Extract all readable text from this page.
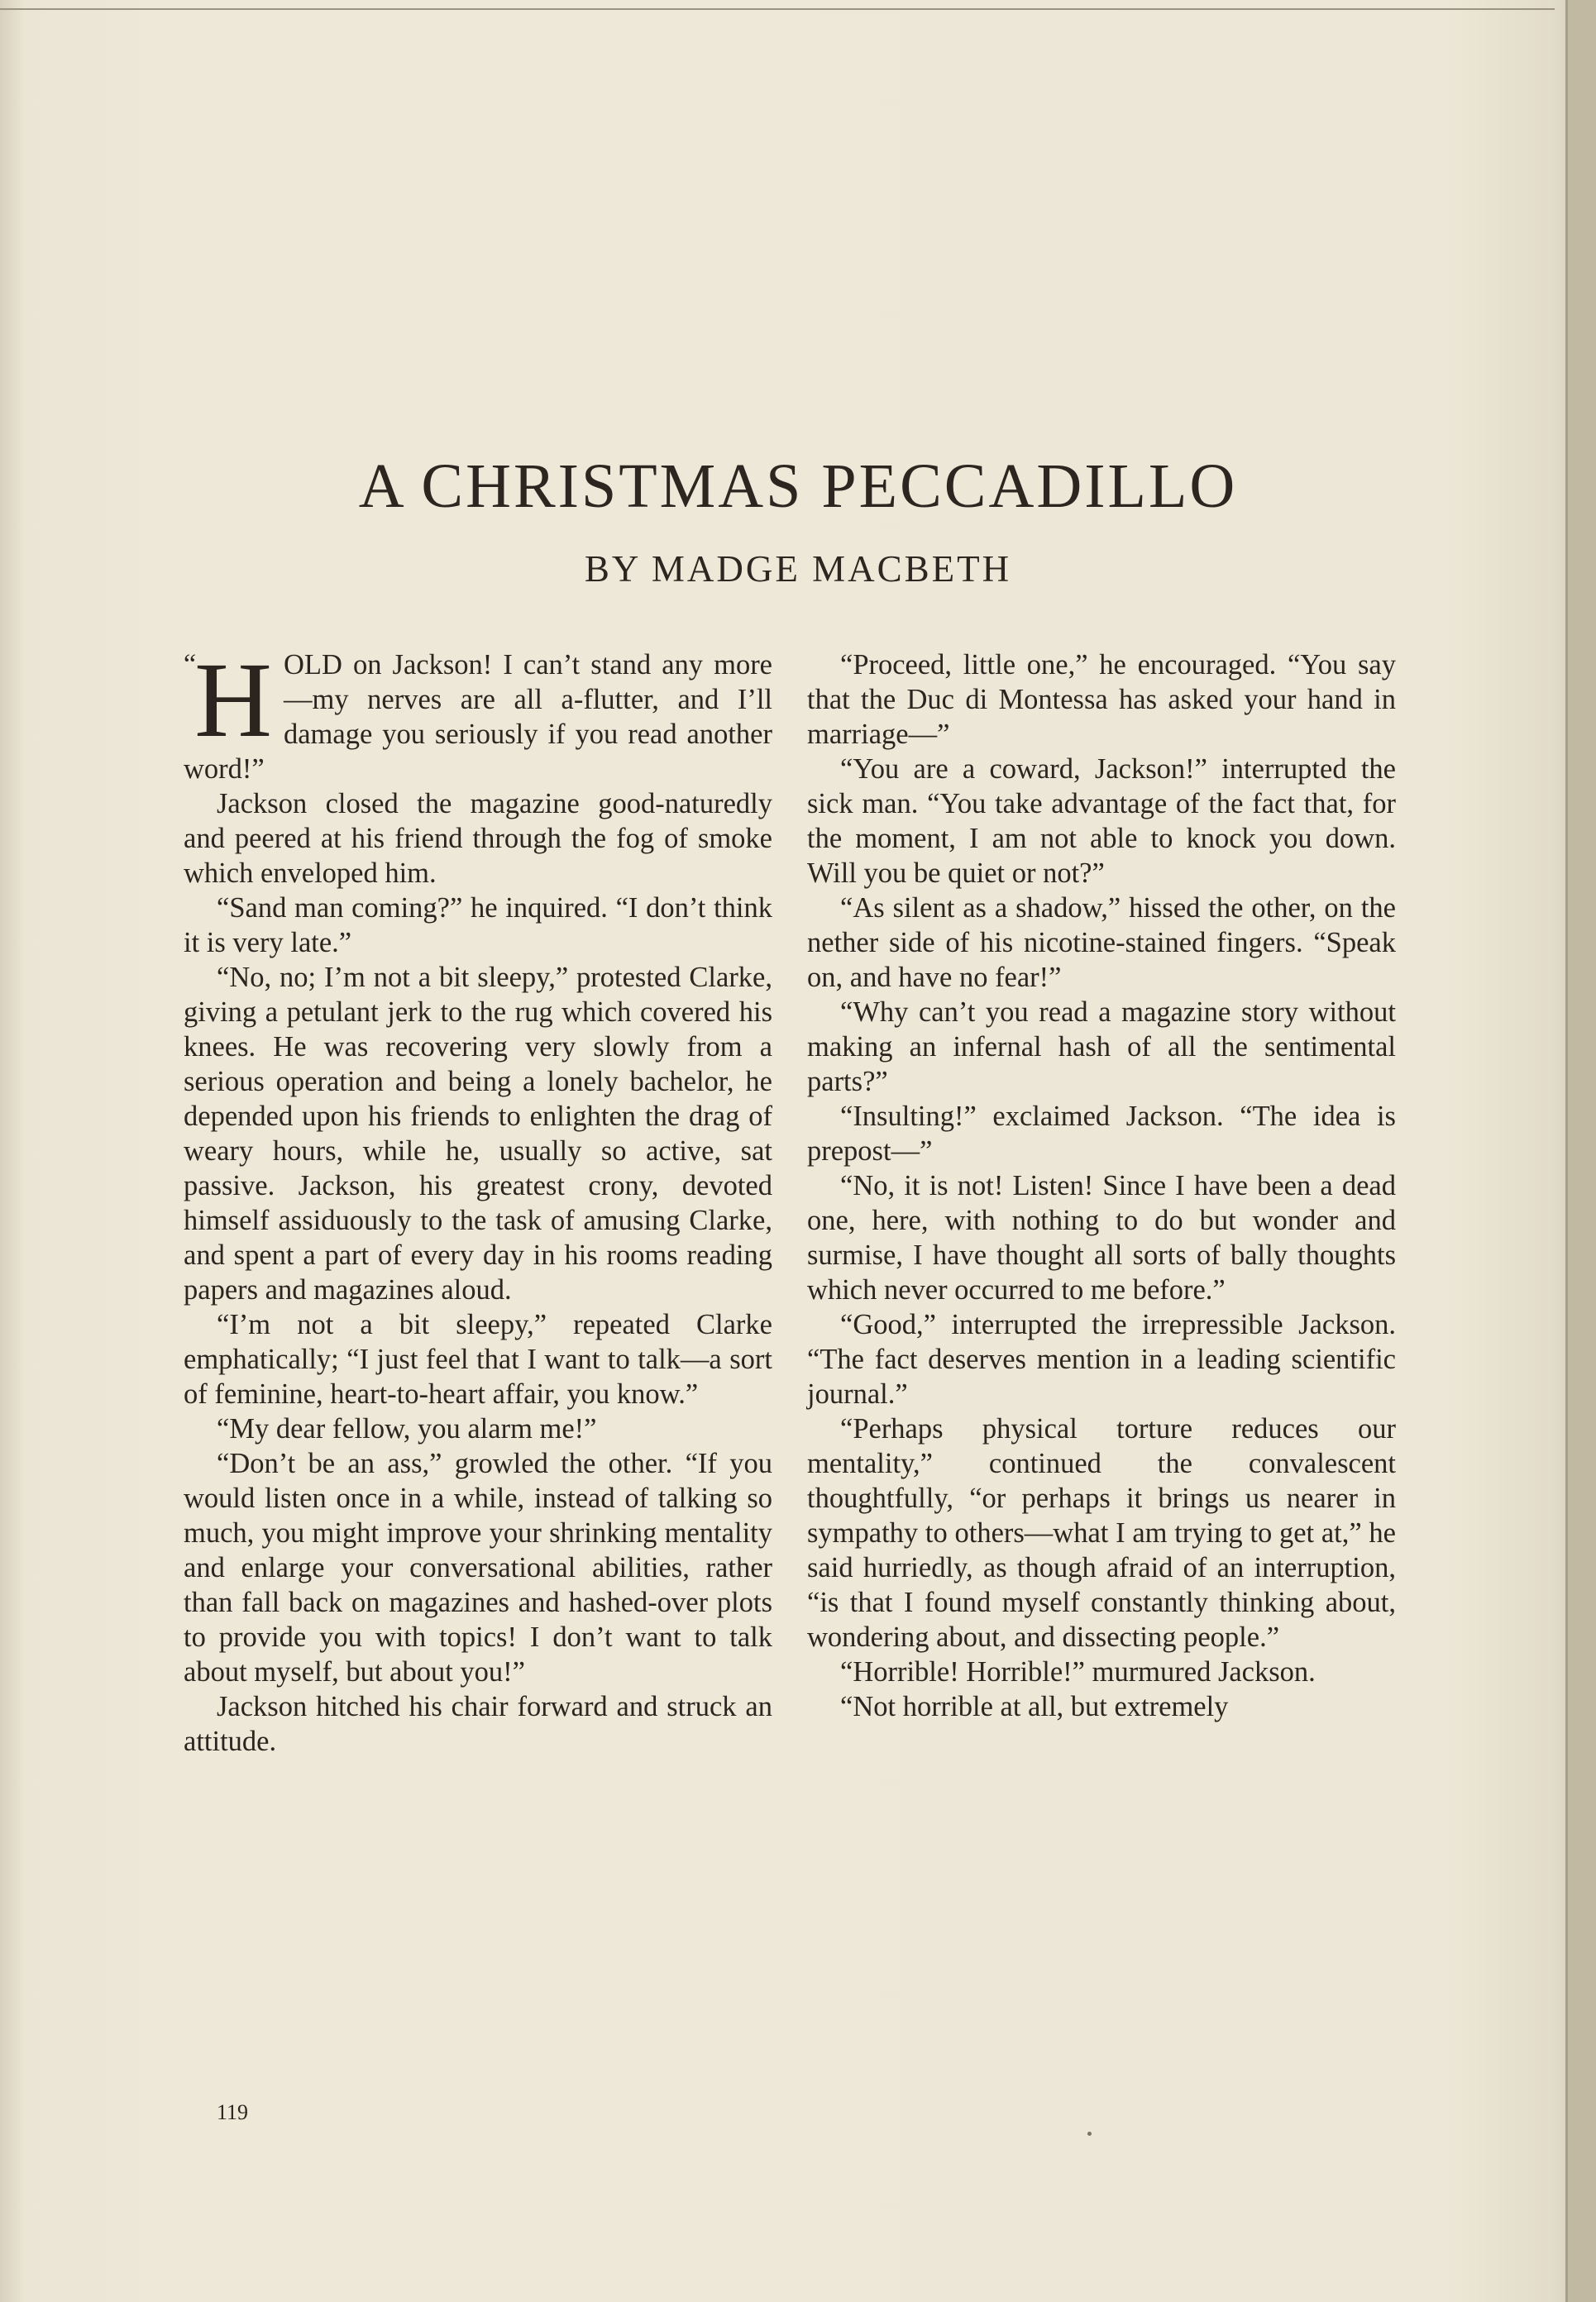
A CHRISTMAS PECCADILLO
BY MADGE MACBETH

“
H OLD on Jackson! I can’t stand any more—my nerves are all a-flutter, and I’ll damage you seriously if you read another word!”

Jackson closed the magazine good-naturedly and peered at his friend through the fog of smoke which enveloped him.

“Sand man coming?” he inquired. “I don’t think it is very late.”

“No, no; I’m not a bit sleepy,” protested Clarke, giving a petulant jerk to the rug which covered his knees. He was recovering very slowly from a serious operation and being a lonely bachelor, he depended upon his friends to enlighten the drag of weary hours, while he, usually so active, sat passive. Jackson, his greatest crony, devoted himself assiduously to the task of amusing Clarke, and spent a part of every day in his rooms reading papers and magazines aloud.

“I’m not a bit sleepy,” repeated Clarke emphatically; “I just feel that I want to talk—a sort of feminine, heart-to-heart affair, you know.”

“My dear fellow, you alarm me!”

“Don’t be an ass,” growled the other. “If you would listen once in a while, instead of talking so much, you might improve your shrinking mentality and enlarge your conversational abilities, rather than fall back on magazines and hashed-over plots to provide you with topics! I don’t want to talk about myself, but about you!”

Jackson hitched his chair forward and struck an attitude.

“Proceed, little one,” he encouraged. “You say that the Duc di Montessa has asked your hand in marriage—”

“You are a coward, Jackson!” interrupted the sick man. “You take advantage of the fact that, for the moment, I am not able to knock you down. Will you be quiet or not?”

“As silent as a shadow,” hissed the other, on the nether side of his nicotine-stained fingers. “Speak on, and have no fear!”

“Why can’t you read a magazine story without making an infernal hash of all the sentimental parts?”

“Insulting!” exclaimed Jackson. “The idea is prepost—”

“No, it is not! Listen! Since I have been a dead one, here, with nothing to do but wonder and surmise, I have thought all sorts of bally thoughts which never occurred to me before.”

“Good,” interrupted the irrepressible Jackson. “The fact deserves mention in a leading scientific journal.”

“Perhaps physical torture reduces our mentality,” continued the convalescent thoughtfully, “or perhaps it brings us nearer in sympathy to others—what I am trying to get at,” he said hurriedly, as though afraid of an interruption, “is that I found myself constantly thinking about, wondering about, and dissecting people.”

“Horrible! Horrible!” murmured Jackson.

“Not horrible at all, but extremely

119
